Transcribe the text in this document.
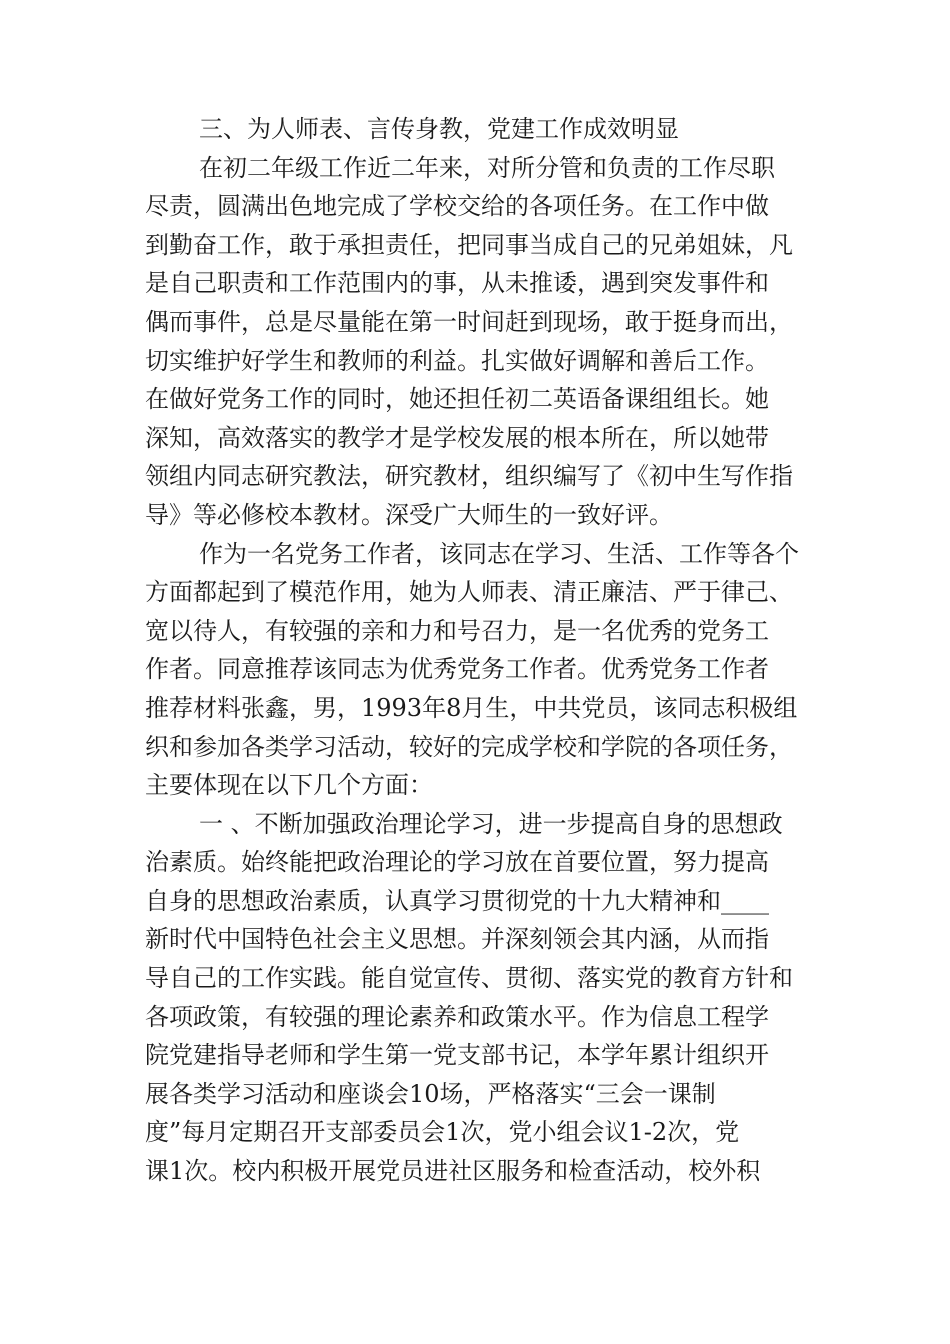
三、为人师表、言传身教，党建工作成效明显
在初二年级工作近二年来，对所分管和负责的工作尽职
尽责，圆满出色地完成了学校交给的各项任务。在工作中做
到勤奋工作，敢于承担责任，把同事当成自己的兄弟姐妹，凡
是自己职责和工作范围内的事，从未推诿，遇到突发事件和
偶而事件，总是尽量能在第一时间赶到现场，敢于挺身而出，
切实维护好学生和教师的利益。扎实做好调解和善后工作。
在做好党务工作的同时，她还担任初二英语备课组组长。她
深知，高效落实的教学才是学校发展的根本所在，所以她带
领组内同志研究教法，研究教材，组织编写了《初中生写作指
导》等必修校本教材。深受广大师生的一致好评。
作为一名党务工作者，该同志在学习、生活、工作等各个
方面都起到了模范作用，她为人师表、清正廉洁、严于律己、
宽以待人，有较强的亲和力和号召力，是一名优秀的党务工
作者。同意推荐该同志为优秀党务工作者。优秀党务工作者
推荐材料张鑫，男，1993年8月生，中共党员，该同志积极组
织和参加各类学习活动，较好的完成学校和学院的各项任务，
主要体现在以下几个方面：
一 、不断加强政治理论学习，进一步提高自身的思想政
治素质。始终能把政治理论的学习放在首要位置，努力提高
自身的思想政治素质，认真学习贯彻党的十九大精神和____
新时代中国特色社会主义思想。并深刻领会其内涵，从而指
导自己的工作实践。能自觉宣传、贯彻、落实党的教育方针和
各项政策，有较强的理论素养和政策水平。作为信息工程学
院党建指导老师和学生第一党支部书记，本学年累计组织开
展各类学习活动和座谈会10场，严格落实“三会一课制
度”每月定期召开支部委员会1次，党小组会议1-2次，党
课1次。校内积极开展党员进社区服务和检查活动，校外积
